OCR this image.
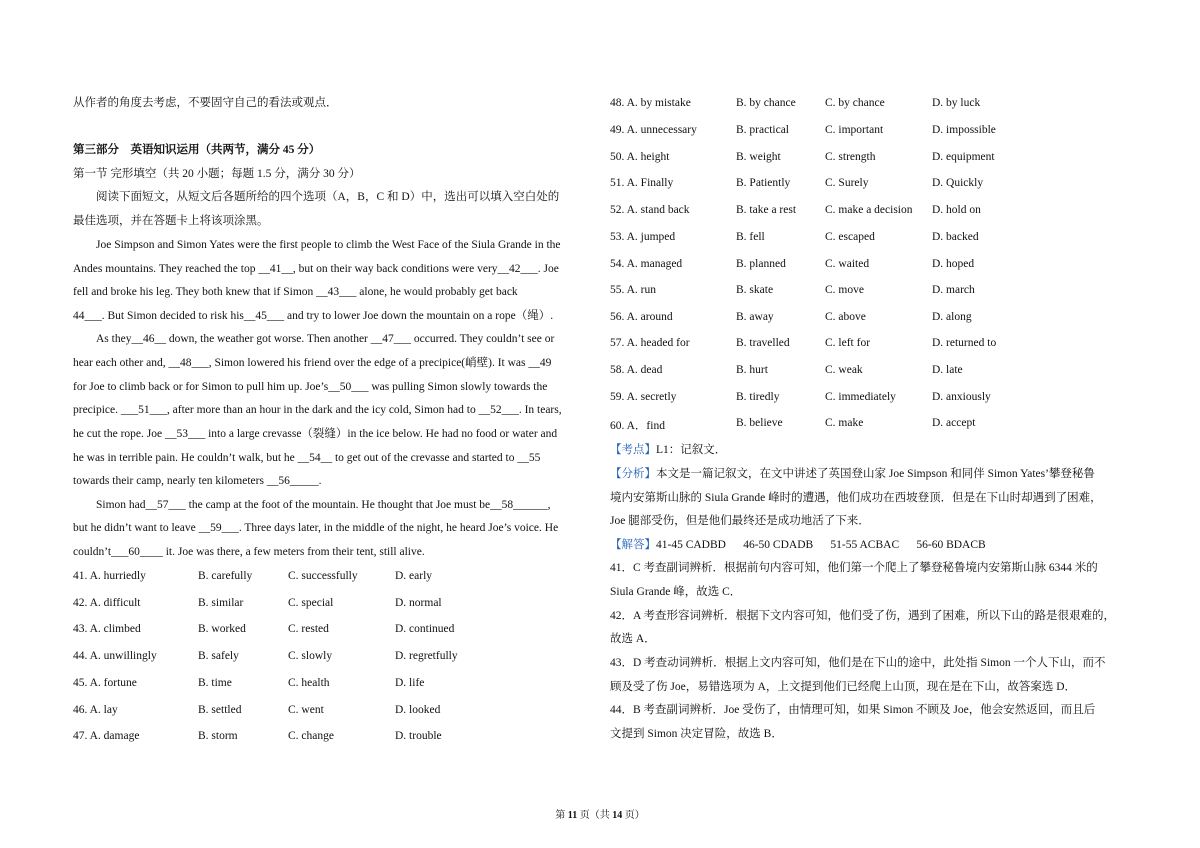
从作者的角度去考虑，不要固守自己的看法或观点．
第三部分　英语知识运用（共两节，满分 45 分）
第一节 完形填空（共 20 小题；每题 1.5 分，满分 30 分）
阅读下面短文，从短文后各题所给的四个选项（A，B，C 和 D）中，选出可以填入空白处的
最佳选项，并在答题卡上将该项涂黑。
Joe Simpson and Simon Yates were the first people to climb the West Face of the Siula Grande in the
Andes mountains. They reached the top __41__, but on their way back conditions were very__42___. Joe
fell and broke his leg. They both knew that if Simon __43___ alone, he would probably get back
44___. But Simon decided to risk his__45___ and try to lower Joe down the mountain on a rope（绳）.
As they__46__ down, the weather got worse. Then another __47___ occurred. They couldn’t see or
hear each other and, __48___, Simon lowered his friend over the edge of a precipice(峭壁). It was __49
for Joe to climb back or for Simon to pull him up. Joe’s__50___ was pulling Simon slowly towards the
precipice. ___51___, after more than an hour in the dark and the icy cold, Simon had to __52___. In tears,
he cut the rope. Joe __53___ into a large crevasse（裂缝）in the ice below. He had no food or water and
he was in terrible pain. He couldn’t walk, but he __54__ to get out of the crevasse and started to __55
towards their camp, nearly ten kilometers __56_____.
Simon had__57___ the camp at the foot of the mountain. He thought that Joe must be__58______,
but he didn’t want to leave __59___. Three days later, in the middle of the night, he heard Joe’s voice. He
couldn’t___60____ it. Joe was there, a few meters from their tent, still alive.
41. A. hurriedly	B. carefully	C. successfully	D. early
42. A. difficult	B. similar	C. special	D. normal
43. A. climbed	B. worked	C. rested	D. continued
44. A. unwillingly	B. safely	C. slowly	D. regretfully
45. A. fortune	B. time	C. health	D. life
46. A. lay	B. settled	C. went	D. looked
47. A. damage	B. storm	C. change	D. trouble
48. A. by mistake	B. by chance	C. by chance	D. by luck
49. A. unnecessary	B. practical	C. important	D. impossible
50. A. height	B. weight	C. strength	D. equipment
51. A. Finally	B. Patiently	C. Surely	D. Quickly
52. A. stand back	B. take a rest	C. make a decision D. hold on
53. A. jumped	B. fell	C. escaped	D. backed
54. A. managed	B. planned	C. waited	D. hoped
55. A. run	B. skate	C. move	D. march
56. A. around	B. away	C. above	D. along
57. A. headed for	B. travelled	C. left for	D. returned to
58. A. dead	B. hurt	C. weak	D. late
59. A. secretly	B. tiredly	C. immediately	D. anxiously
60. A．find	B. believe	C. make	D. accept
【考点】L1：记叙文．
【分析】本文是一篇记叙文，在文中讲述了英国登山家 Joe Simpson 和同伴 Simon Yates’攀登秘鲁
境内安第斯山脉的 Siula Grande 峰时的遭遇，他们成功在西坡登顶．但是在下山时却遇到了困难，
Joe 腿部受伤，但是他们最终还是成功地活了下来．
【解答】41-45 CADBD      46-50 CDADB      51-55 ACBAC      56-60 BDACB
41．C 考查副词辨析．根据前句内容可知，他们第一个爬上了攀登秘鲁境内安第斯山脉 6344 米的
Siula Grande 峰，故选 C．
42．A 考查形容词辨析．根据下文内容可知，他们受了伤，遇到了困难，所以下山的路是很艰难的，
故选 A．
43．D 考查动词辨析．根据上文内容可知，他们是在下山的途中，此处指 Simon 一个人下山，而不
顾及受了伤 Joe，易错选项为 A，上文提到他们已经爬上山顶，现在是在下山，故答案选 D．
44．B 考查副词辨析．Joe 受伤了，由情理可知，如果 Simon 不顾及 Joe，他会安然返回，而且后
文提到 Simon 决定冒险，故选 B．
第 11 页（共 14 页）
